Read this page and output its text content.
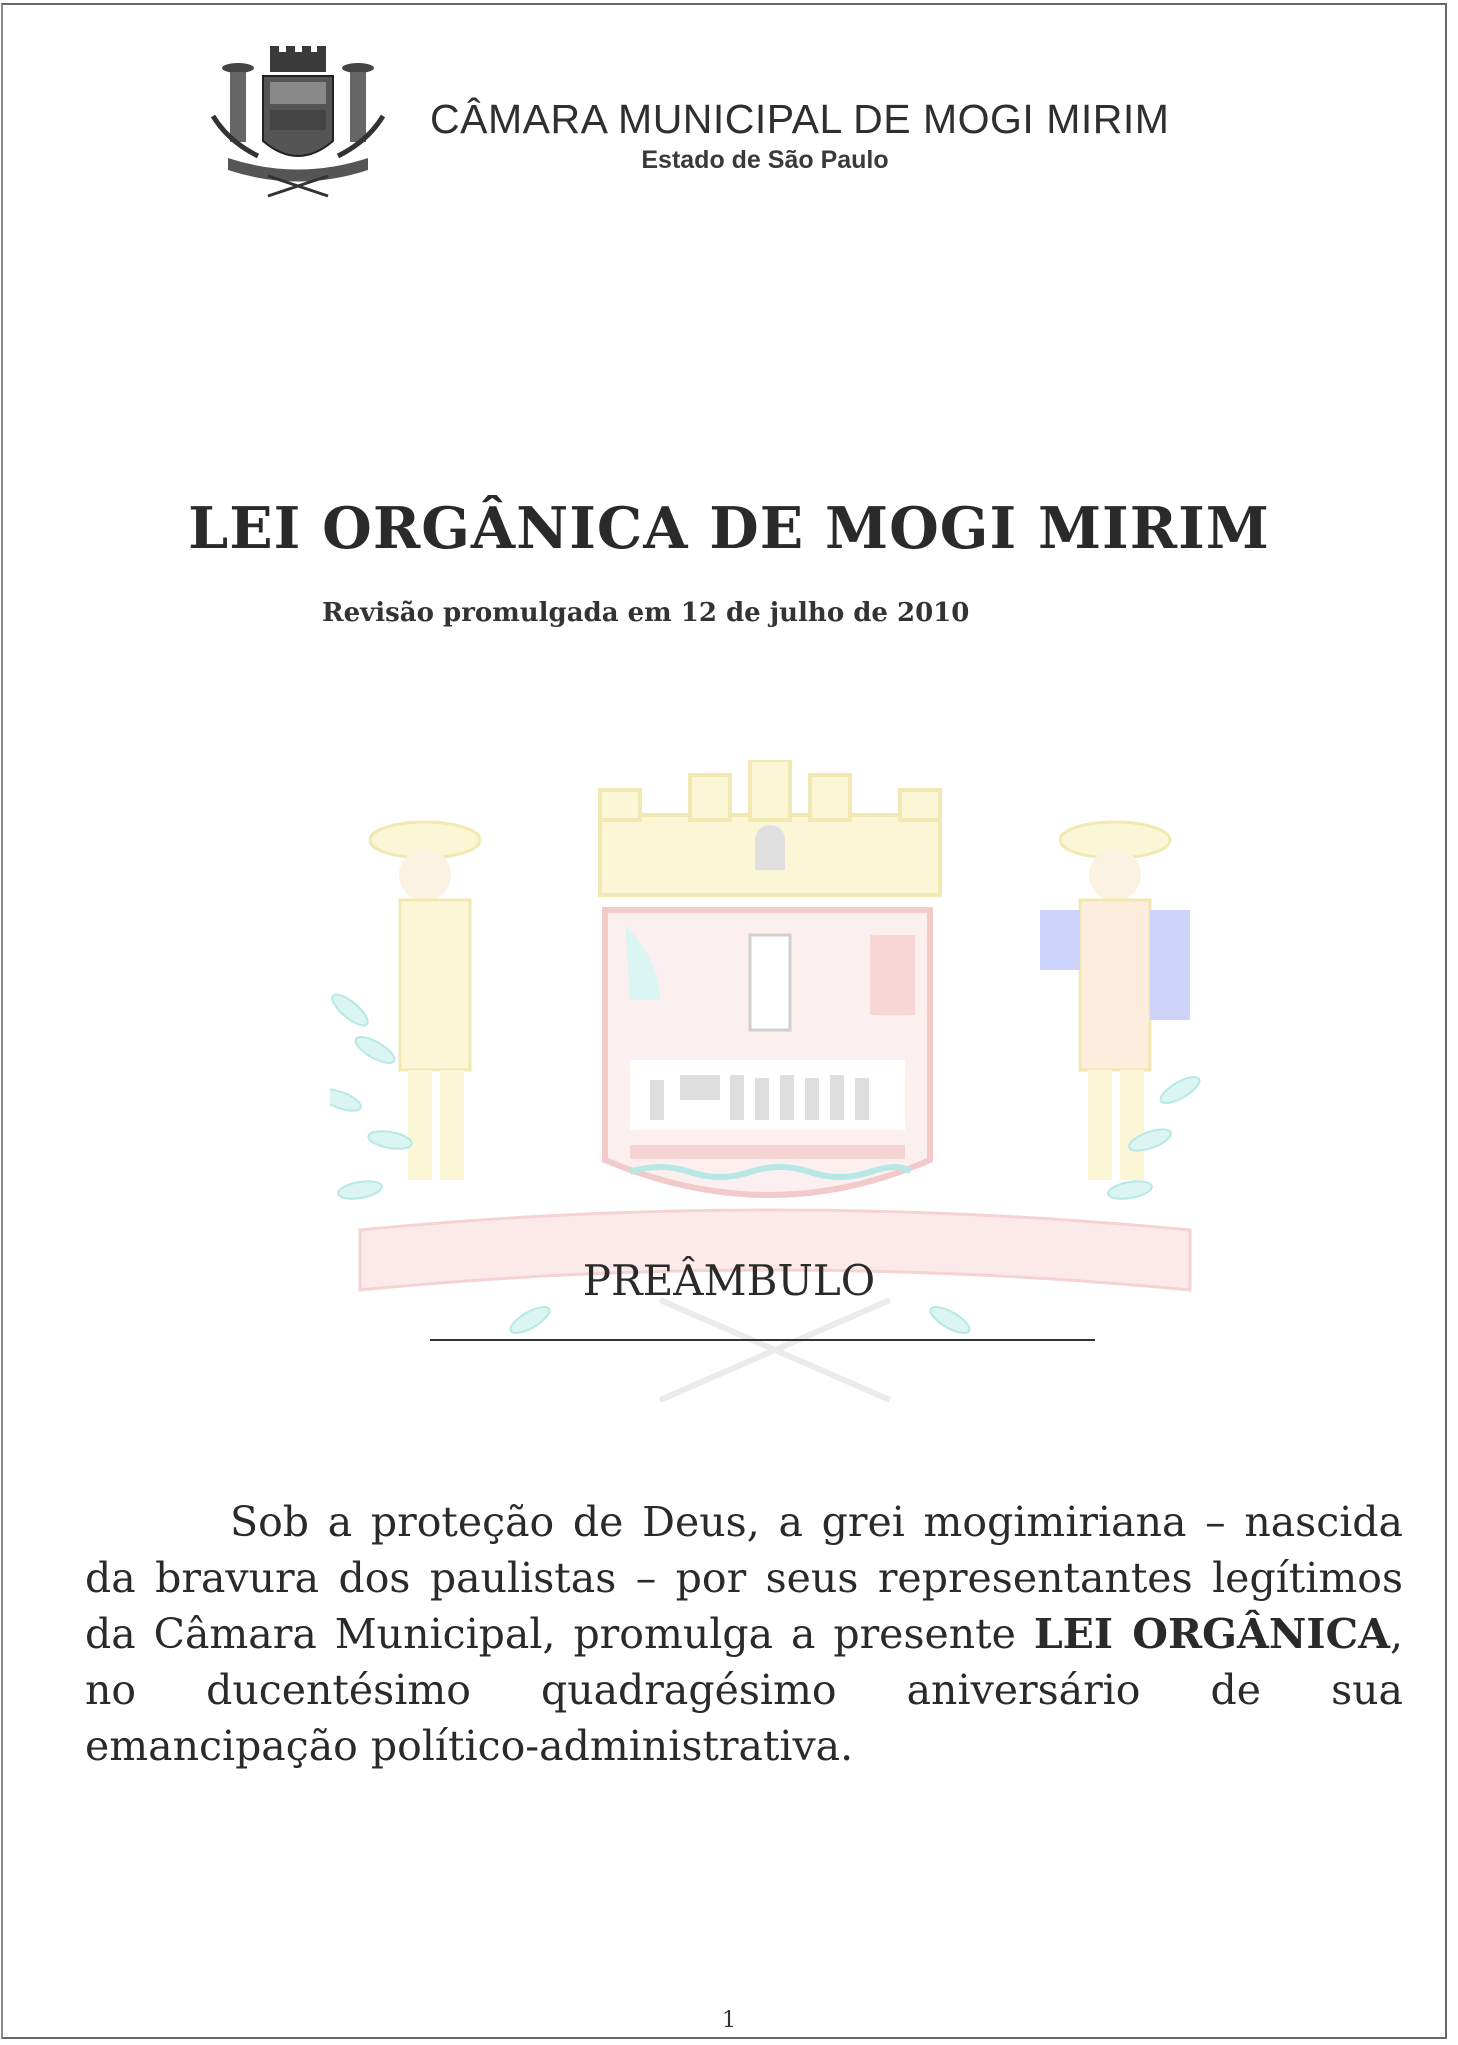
CÂMARA MUNICIPAL DE MOGI MIRIM
Estado de São Paulo
LEI ORGÂNICA DE MOGI MIRIM
Revisão promulgada em 12 de julho de 2010
PREÂMBULO
Sob a proteção de Deus, a grei mogimiriana – nascida da bravura dos paulistas – por seus representantes legítimos da Câmara Municipal, promulga a presente LEI ORGÂNICA, no ducentésimo quadragésimo aniversário de sua emancipação político-administrativa.
1
